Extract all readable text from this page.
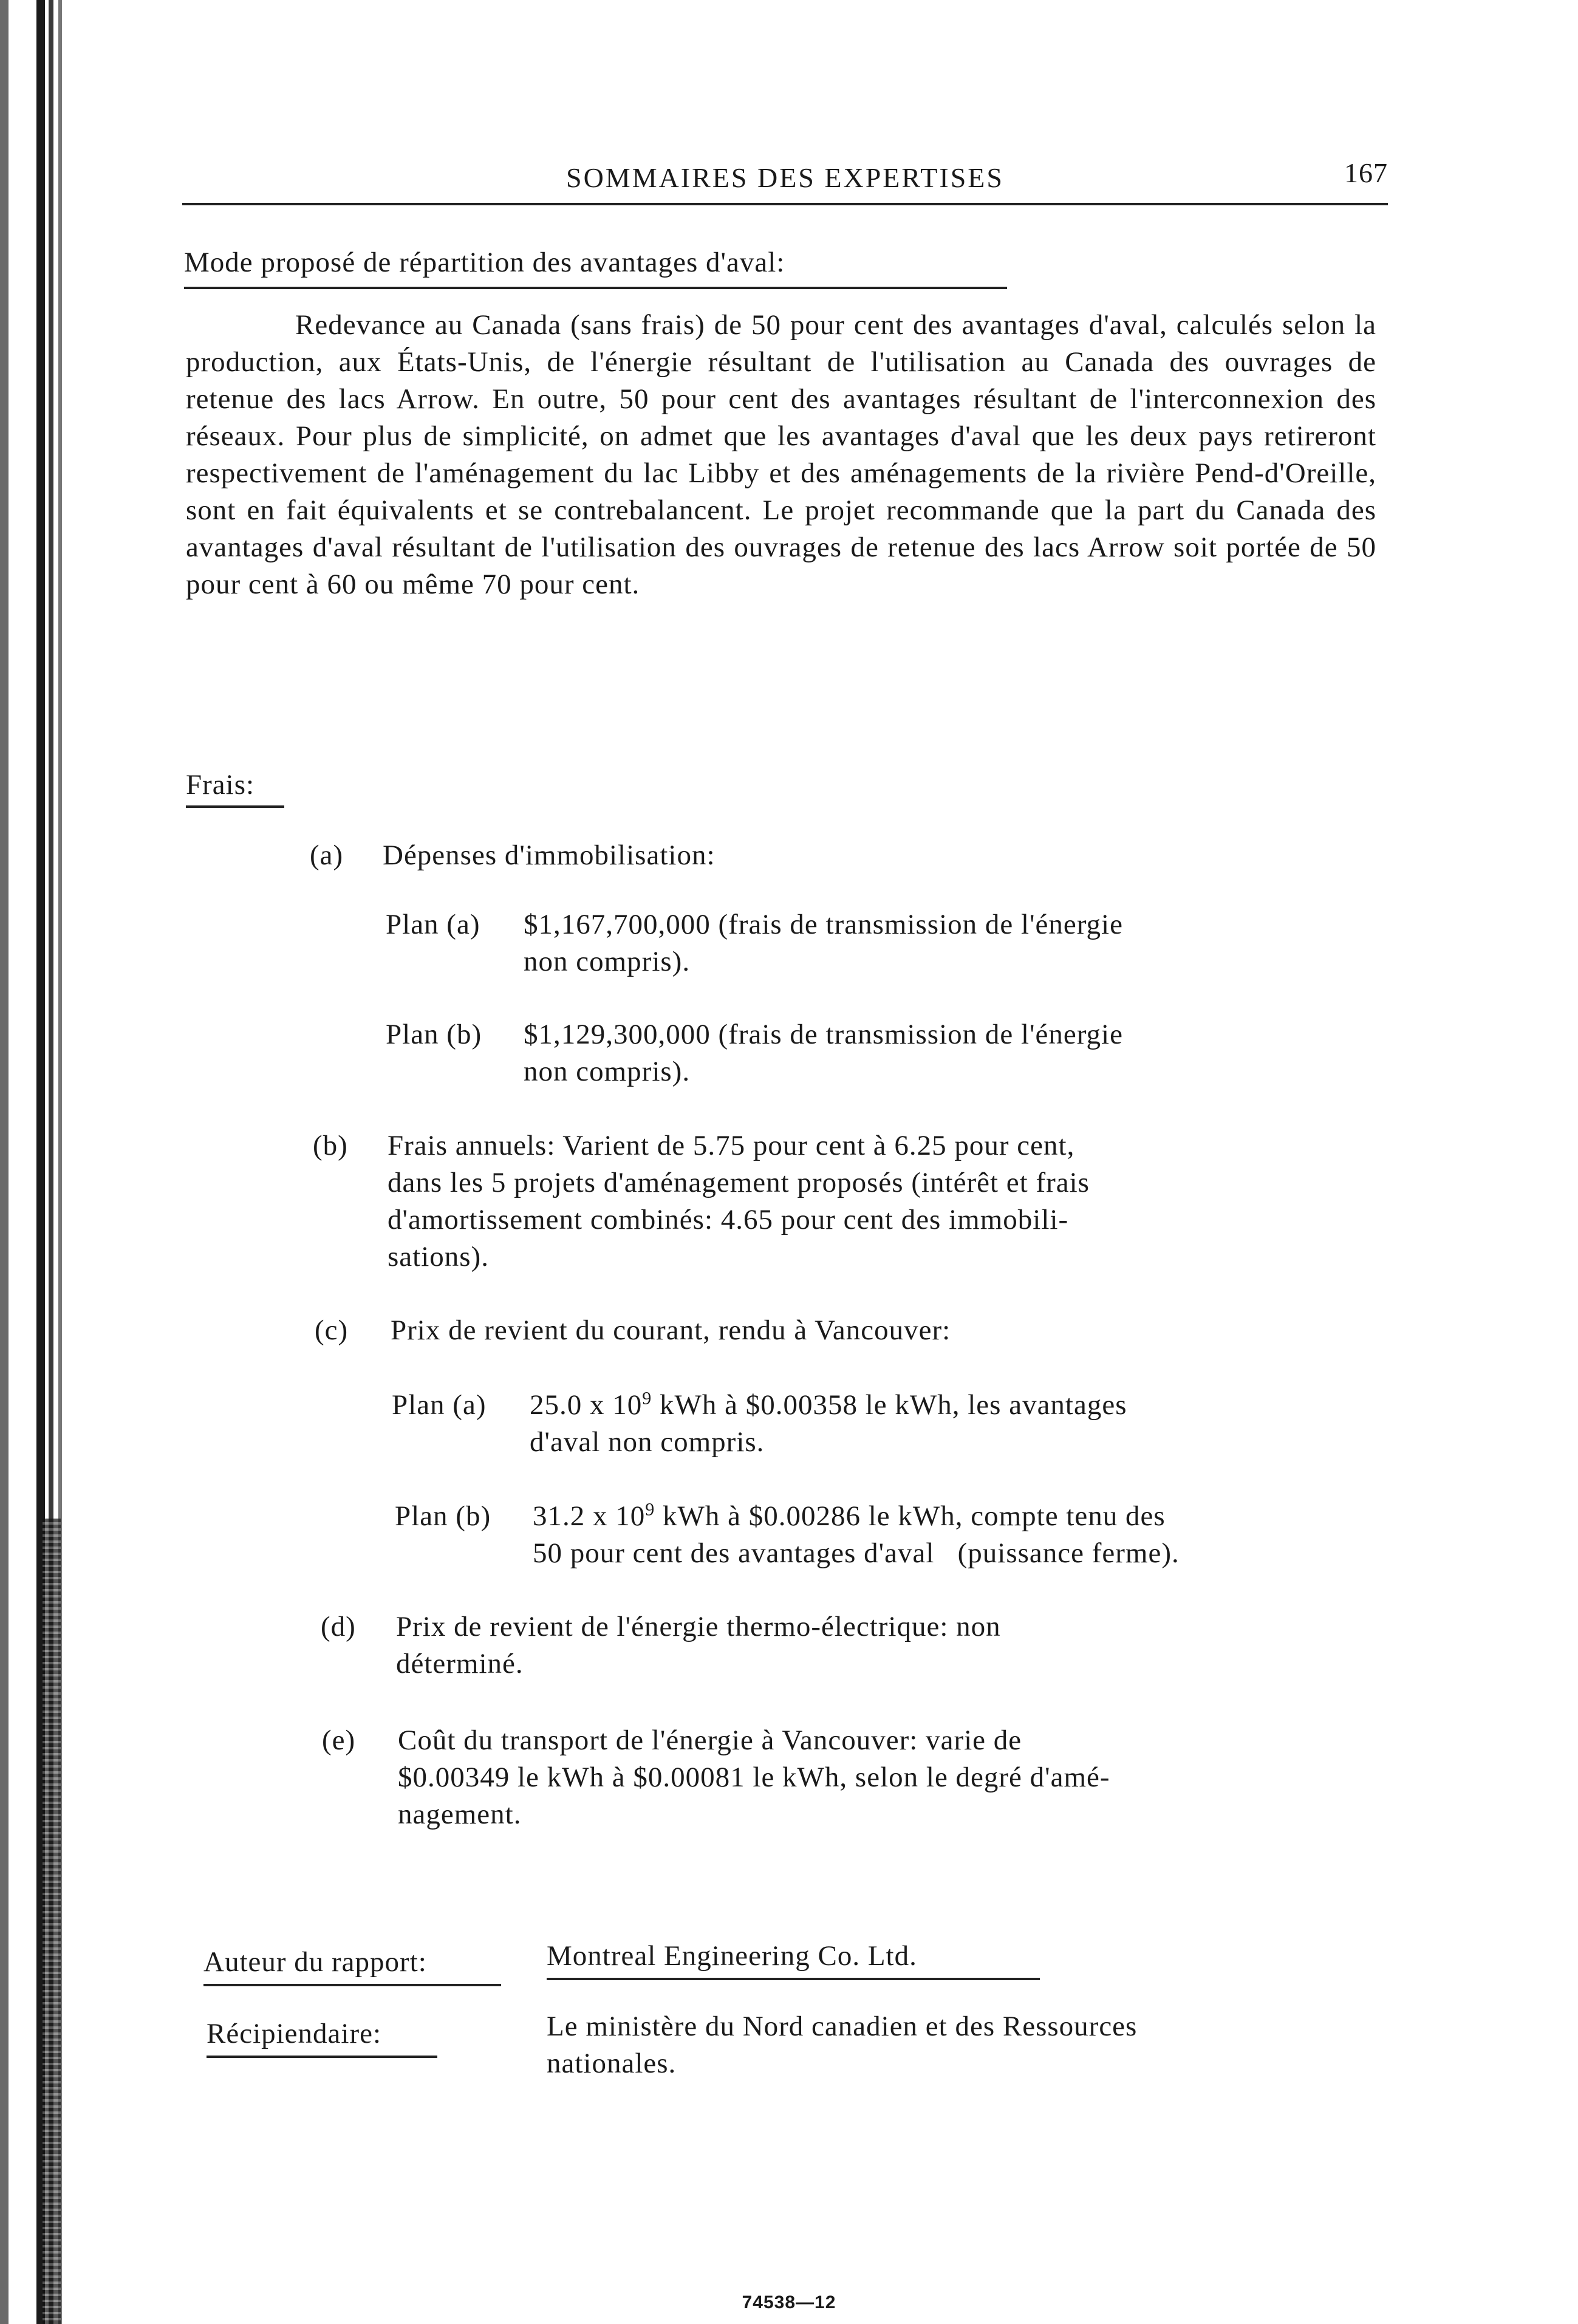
SOMMAIRES DES EXPERTISES	167
Mode proposé de répartition des avantages d'aval:
Redevance au Canada (sans frais) de 50 pour cent des avantages d'aval, calculés selon la production, aux États-Unis, de l'énergie résultant de l'utilisation au Canada des ouvrages de retenue des lacs Arrow. En outre, 50 pour cent des avantages résultant de l'interconnexion des réseaux. Pour plus de simplicité, on admet que les avantages d'aval que les deux pays retireront respectivement de l'aménagement du lac Libby et des aménagements de la rivière Pend-d'Oreille, sont en fait équivalents et se contrebalancent. Le projet recommande que la part du Canada des avantages d'aval résultant de l'utilisation des ouvrages de retenue des lacs Arrow soit portée de 50 pour cent à 60 ou même 70 pour cent.
Frais:
(a)	Dépenses d'immobilisation:
Plan (a) $1,167,700,000 (frais de transmission de l'énergie
non compris).
Plan (b) $1,129,300,000 (frais de transmission de l'énergie
non compris).
(b)	Frais annuels: Varient de 5.75 pour cent à 6.25 pour cent,
dans les 5 projets d'aménagement proposés (intérêt et frais
d'amortissement combinés: 4.65 pour cent des immobili-
sations).
(c)	Prix de revient du courant, rendu à Vancouver:
Plan (a) 25.0 x $10^9$ kWh à $0.00358 le kWh, les avantages
d'aval non compris.
Plan (b) 31.2 x $10^9$ kWh à $0.00286 le kWh, compte tenu des
50 pour cent des avantages d'aval   (puissance ferme).
(d)	Prix de revient de l'énergie thermo-électrique: non
déterminé.
(e)	Coût du transport de l'énergie à Vancouver: varie de
$0.00349 le kWh à $0.00081 le kWh, selon le degré d'amé-
nagement.
Auteur du rapport:	Montreal Engineering Co. Ltd.
Récipiendaire:	Le ministère du Nord canadien et des Ressources
nationales.
74538—12
